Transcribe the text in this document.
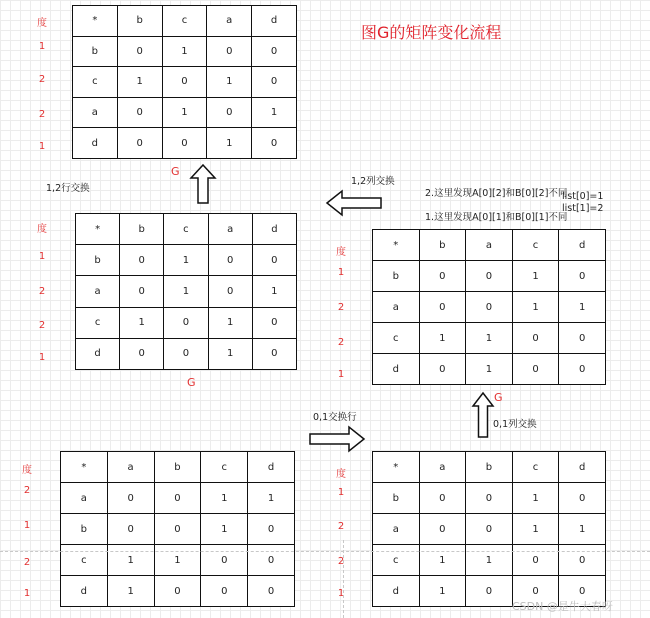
图G的矩阵变化流程
*	b	c	a	d
b	0	1	0	0
c	1	0	1	0
a	0	1	0	1
d	0	0	1	0
度
1
2
2
1
G
*	b	c	a	d
b	0	1	0	0
a	0	1	0	1
c	1	0	1	0
d	0	0	1	0
度
1
2
2
1
G
*	b	a	c	d
b	0	0	1	0
a	0	0	1	1
c	1	1	0	0
d	0	1	0	0
度
1
2
2
1
*	a	b	c	d
a	0	0	1	1
b	0	0	1	0
c	1	1	0	0
d	1	0	0	0
度
2
1
2
1
*	a	b	c	d
b	0	0	1	0
a	0	0	1	1
c	1	1	0	0
d	1	0	0	0
度
1
2
2
1
G
1,2行交换
1,2列交换
0,1交换行
0,1列交换
2.这里发现A[0][2]和B[0][2]不同
1.这里发现A[0][1]和B[0][1]不同
list[0]=1
list[1]=2
CSDN @是牛大春呀
